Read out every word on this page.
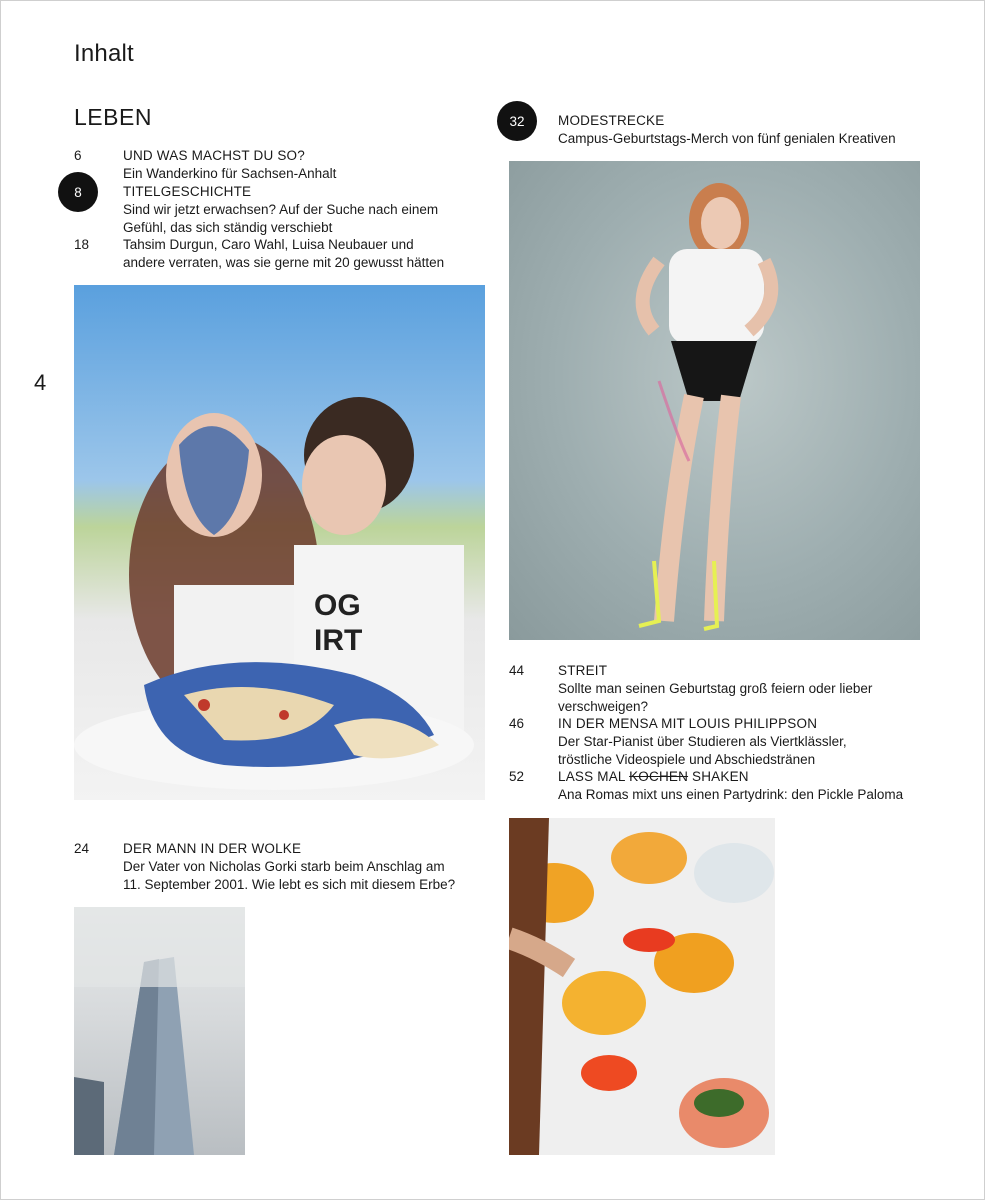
Inhalt
LEBEN
4
6	UND WAS MACHST DU SO?
Ein Wanderkino für Sachsen-Anhalt
8	TITELGESCHICHTE
Sind wir jetzt erwachsen? Auf der Suche nach einem
Gefühl, das sich ständig verschiebt
18	Tahsim Durgun, Caro Wahl, Luisa Neubauer und
andere verraten, was sie gerne mit 20 gewusst hätten
OG
IRT
24	DER MANN IN DER WOLKE
Der Vater von Nicholas Gorki starb beim Anschlag am
11. September 2001. Wie lebt es sich mit diesem Erbe?
32	MODESTRECKE
Campus-Geburtstags-Merch von fünf genialen Kreativen
44	STREIT
Sollte man seinen Geburtstag groß feiern oder lieber
verschweigen?
46	IN DER MENSA MIT LOUIS PHILIPPSON
Der Star-Pianist über Studieren als Viertklässler,
tröstliche Videospiele und Abschiedstränen
52	LASS MAL KOCHEN SHAKEN
Ana Romas mixt uns einen Partydrink: den Pickle Paloma
